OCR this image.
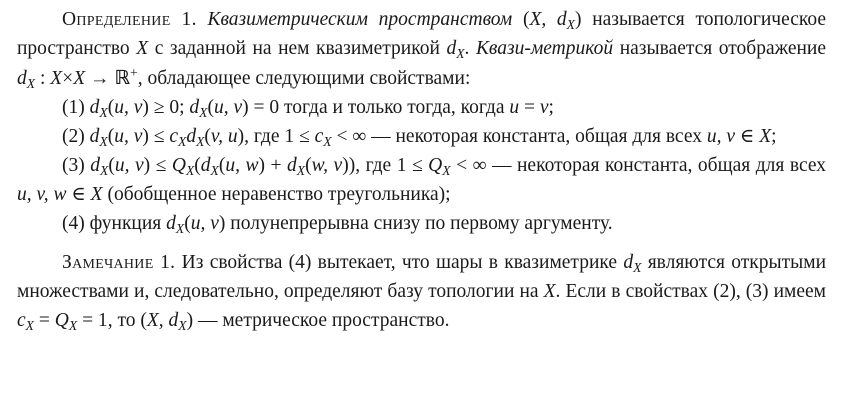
Определение 1. Квазиметрическим пространством (X, $d_X$) называется топологическое пространство X с заданной на нем квазиметрикой $d_X$. Квази-метрикой называется отображение $d_X$ : X×X → ℝ+, обладающее следующими свойствами:

(1) $d_X(u$, v) ≥ 0; $d_X(u$, v) = 0 тогда и только тогда, когда u = v;

(2) $d_X(u$, $v) \le c_Xd_X(v$, u), где $1 \le c_X$ < ∞ — некоторая константа, общая для всех u, v ∈ X;

(3) $d_X(u$, $v) \le Q_X(d_X(u$, $w) + d_X(w$, v)), где $1 \le Q_X$ < ∞ — некоторая константа, общая для всех u, v, w ∈ X (обобщенное неравенство треугольника);

(4) функция $d_X(u$, v) полунепрерывна снизу по первому аргументу.

Замечание 1. Из свойства (4) вытекает, что шары в квазиметрике $d_X$ являются открытыми множествами и, следовательно, определяют базу топологии на X. Если в свойствах (2), (3) имеем $c_X = Q_X = 1$, то (X, $d_X$) — метрическое пространство.
